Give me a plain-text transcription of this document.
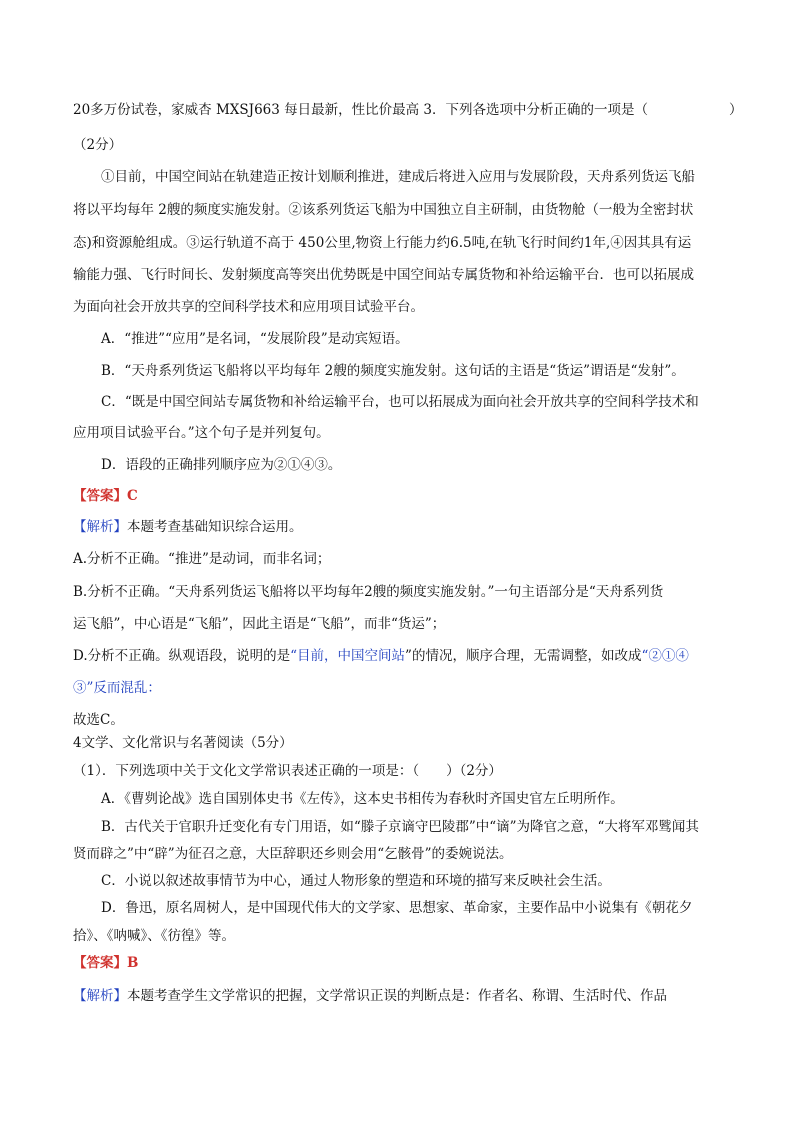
20多万份试卷，家威杏 MXSJ663 每日最新，性比价最高 3．下列各选项中分析正确的一项是（　　　　　　）
（2分）
①目前，中国空间站在轨建造正按计划顺利推进，建成后将进入应用与发展阶段，天舟系列货运飞船
将以平均每年 2艘的频度实施发射。②该系列货运飞船为中国独立自主研制，由货物舱（一般为全密封状
态)和资源舱组成。③运行轨道不高于 450公里,物资上行能力约6.5吨,在轨飞行时间约1年,④因其具有运
输能力强、飞行时间长、发射频度高等突出优势既是中国空间站专属货物和补给运输平台．也可以拓展成
为面向社会开放共享的空间科学技术和应用项目试验平台。
A．“推进”“应用”是名词，“发展阶段”是动宾短语。
B．“天舟系列货运飞船将以平均每年 2艘的频度实施发射。这句话的主语是“货运”谓语是“发射”。
C．“既是中国空间站专属货物和补给运输平台，也可以拓展成为面向社会开放共享的空间科学技术和
应用项目试验平台。”这个句子是并列复句。
D．语段的正确排列顺序应为②①④③。
【答案】C
【解析】本题考查基础知识综合运用。
A.分析不正确。“推进”是动词，而非名词；
B.分析不正确。“天舟系列货运飞船将以平均每年2艘的频度实施发射。”一句主语部分是“天舟系列货
运飞船”，中心语是“飞船”，因此主语是“飞船”，而非“货运”；
D.分析不正确。纵观语段，说明的是“目前，中国空间站”的情况，顺序合理，无需调整，如改成“②①④
③”反而混乱：
故选C。
4文学、文化常识与名著阅读（5分）
（1）．下列选项中关于文化文学常识表述正确的一项是：（　　）（2分）
A．《曹刿论战》选自国别体史书《左传》，这本史书相传为春秋时齐国史官左丘明所作。
B．古代关于官职升迁变化有专门用语，如“滕子京谪守巴陵郡”中“谪”为降官之意，“大将军邓骘闻其
贤而辟之”中“辟”为征召之意，大臣辞职还乡则会用“乞骸骨”的委婉说法。
C．小说以叙述故事情节为中心，通过人物形象的塑造和环境的描写来反映社会生活。
D．鲁迅，原名周树人，是中国现代伟大的文学家、思想家、革命家，主要作品中小说集有《朝花夕
拾》、《呐喊》、《彷徨》等。
【答案】B
【解析】本题考查学生文学常识的把握，文学常识正误的判断点是：作者名、称谓、生活时代、作品
